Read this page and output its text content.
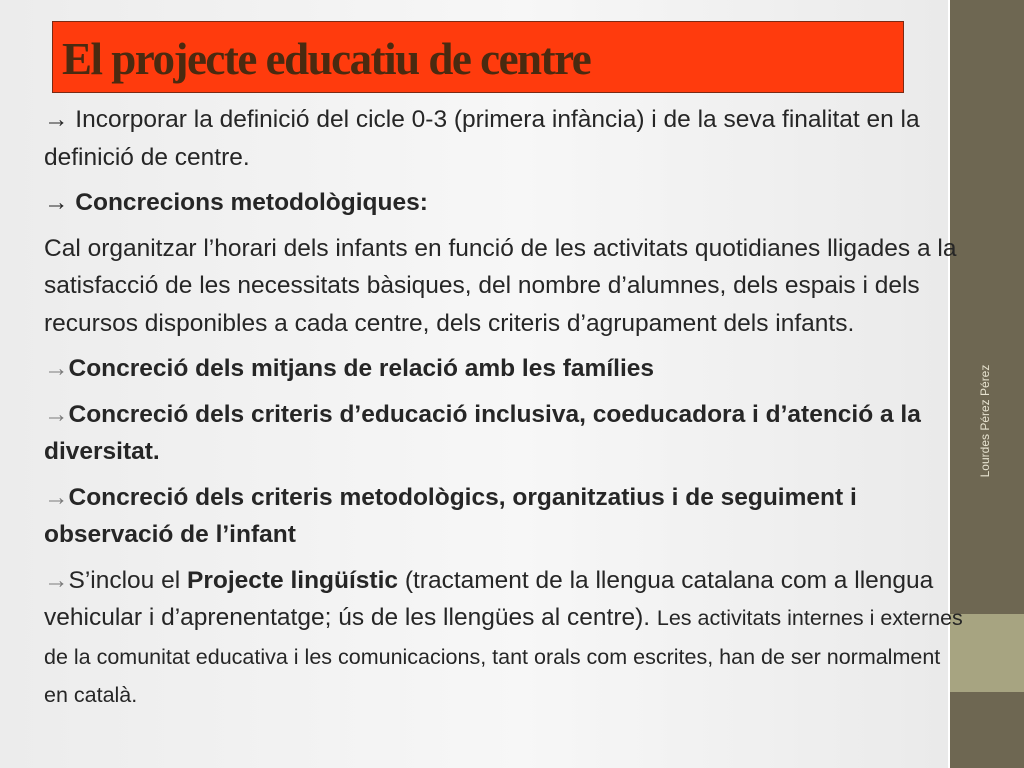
Lourdes Pérez Pérez
El projecte educatiu de centre

→ Incorporar la definició del cicle 0-3 (primera infància) i de la seva finalitat en la definició de centre.

→ Concrecions metodològiques:

Cal organitzar l’horari dels infants en funció de les activitats quotidianes lligades a la satisfacció de les necessitats bàsiques, del nombre d’alumnes, dels espais i dels recursos disponibles a cada centre, dels criteris d’agrupament dels infants.

→Concreció dels mitjans de relació amb les famílies

→Concreció dels criteris d’educació inclusiva, coeducadora i d’atenció a la diversitat.

→Concreció dels criteris metodològics, organitzatius i de seguiment i observació de l’infant

→S’inclou el Projecte lingüístic (tractament de la llengua catalana com a llengua vehicular i d’aprenentatge; ús de les llengües al centre). Les activitats internes i externes de la comunitat educativa i les comunicacions, tant orals com escrites, han de ser normalment en català.
